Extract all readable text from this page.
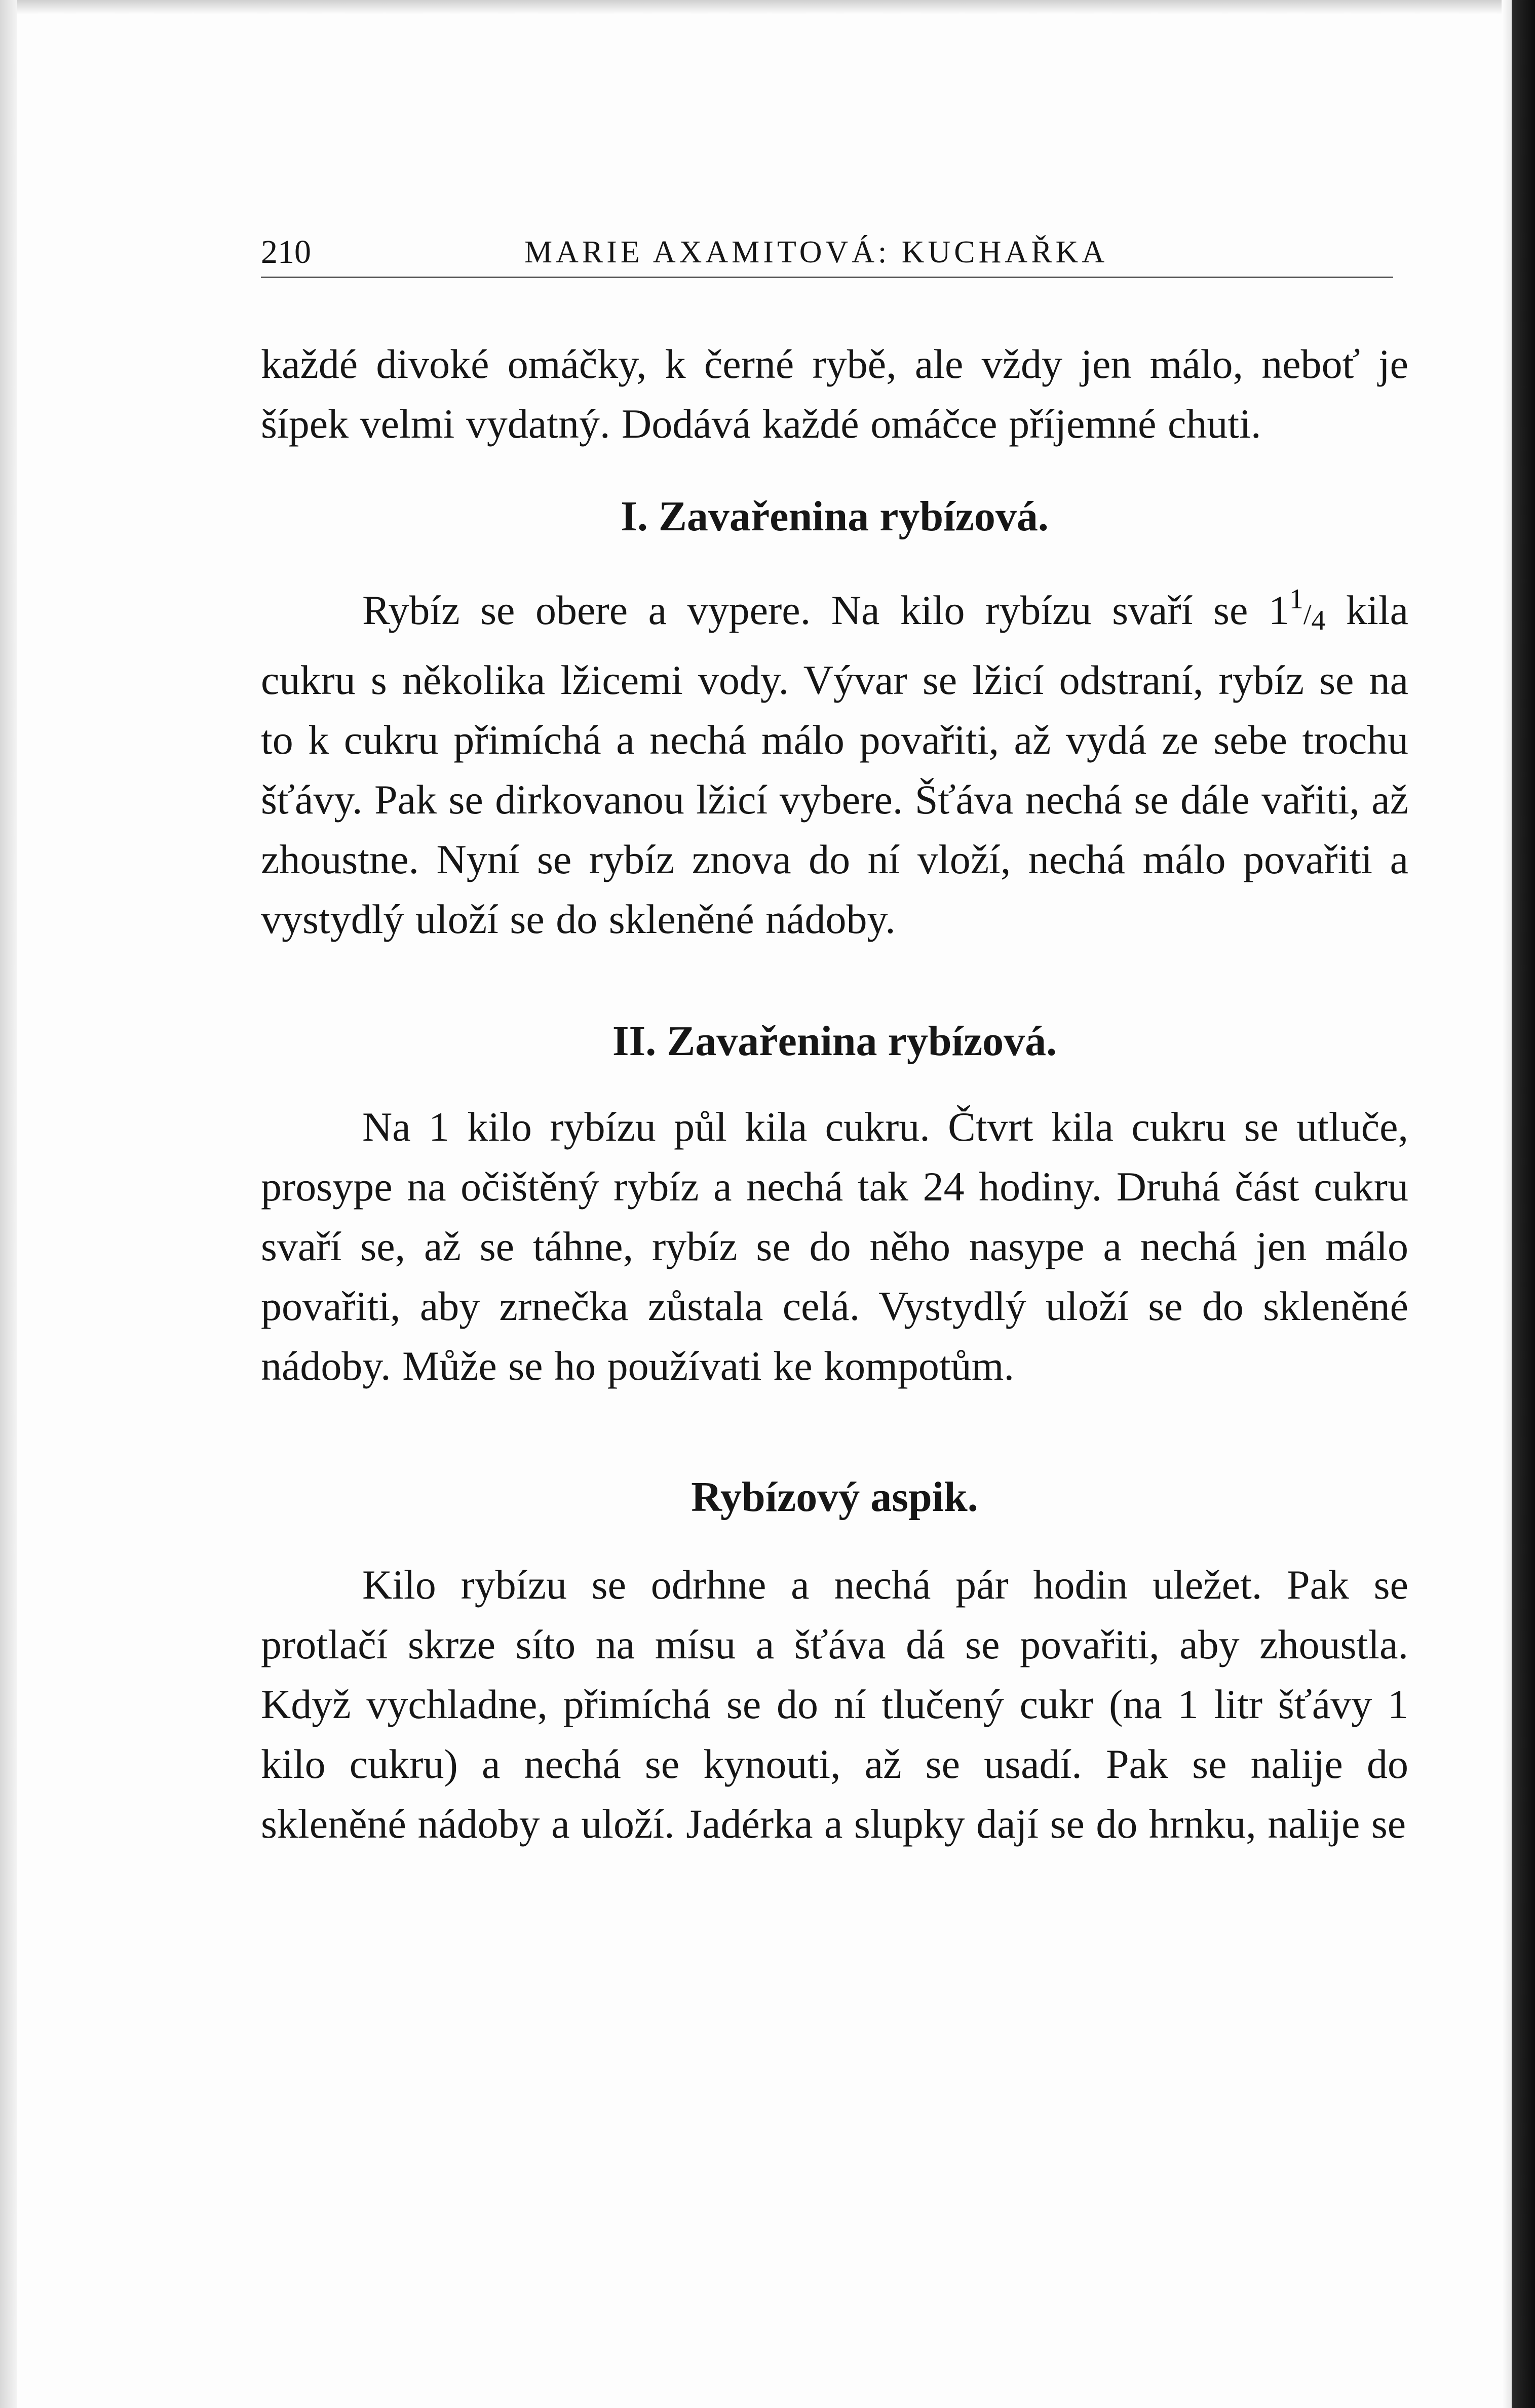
210	MARIE AXAMITOVÁ: KUCHAŘKA

každé divoké omáčky, k černé rybě, ale vždy jen málo, neboť je šípek velmi vydatný. Dodává každé omáčce příjemné chuti.

I. Zavařenina rybízová.

Rybíz se obere a vypere. Na kilo rybízu svaří se 11/4 kila cukru s několika lžicemi vody. Vývar se lžicí odstraní, rybíz se na to k cukru přimíchá a nechá málo povařiti, až vydá ze sebe trochu šťávy. Pak se dirkovanou lžicí vybere. Šťáva nechá se dále vařiti, až zhoustne. Nyní se rybíz znova do ní vloží, nechá málo povařiti a vystydlý uloží se do skleněné nádoby.

II. Zavařenina rybízová.

Na 1 kilo rybízu půl kila cukru. Čtvrt kila cukru se utluče, prosype na očištěný rybíz a nechá tak 24 hodiny. Druhá část cukru svaří se, až se táhne, rybíz se do něho nasype a nechá jen málo povařiti, aby zrnečka zůstala celá. Vystydlý uloží se do skleněné nádoby. Může se ho používati ke kompotům.

Rybízový aspik.

Kilo rybízu se odrhne a nechá pár hodin uležet. Pak se protlačí skrze síto na mísu a šťáva dá se povařiti, aby zhoustla. Když vychladne, přimíchá se do ní tlučený cukr (na 1 litr šťávy 1 kilo cukru) a nechá se kynouti, až se usadí. Pak se nalije do skleněné nádoby a uloží. Jadérka a slupky dají se do hrnku, nalije se
